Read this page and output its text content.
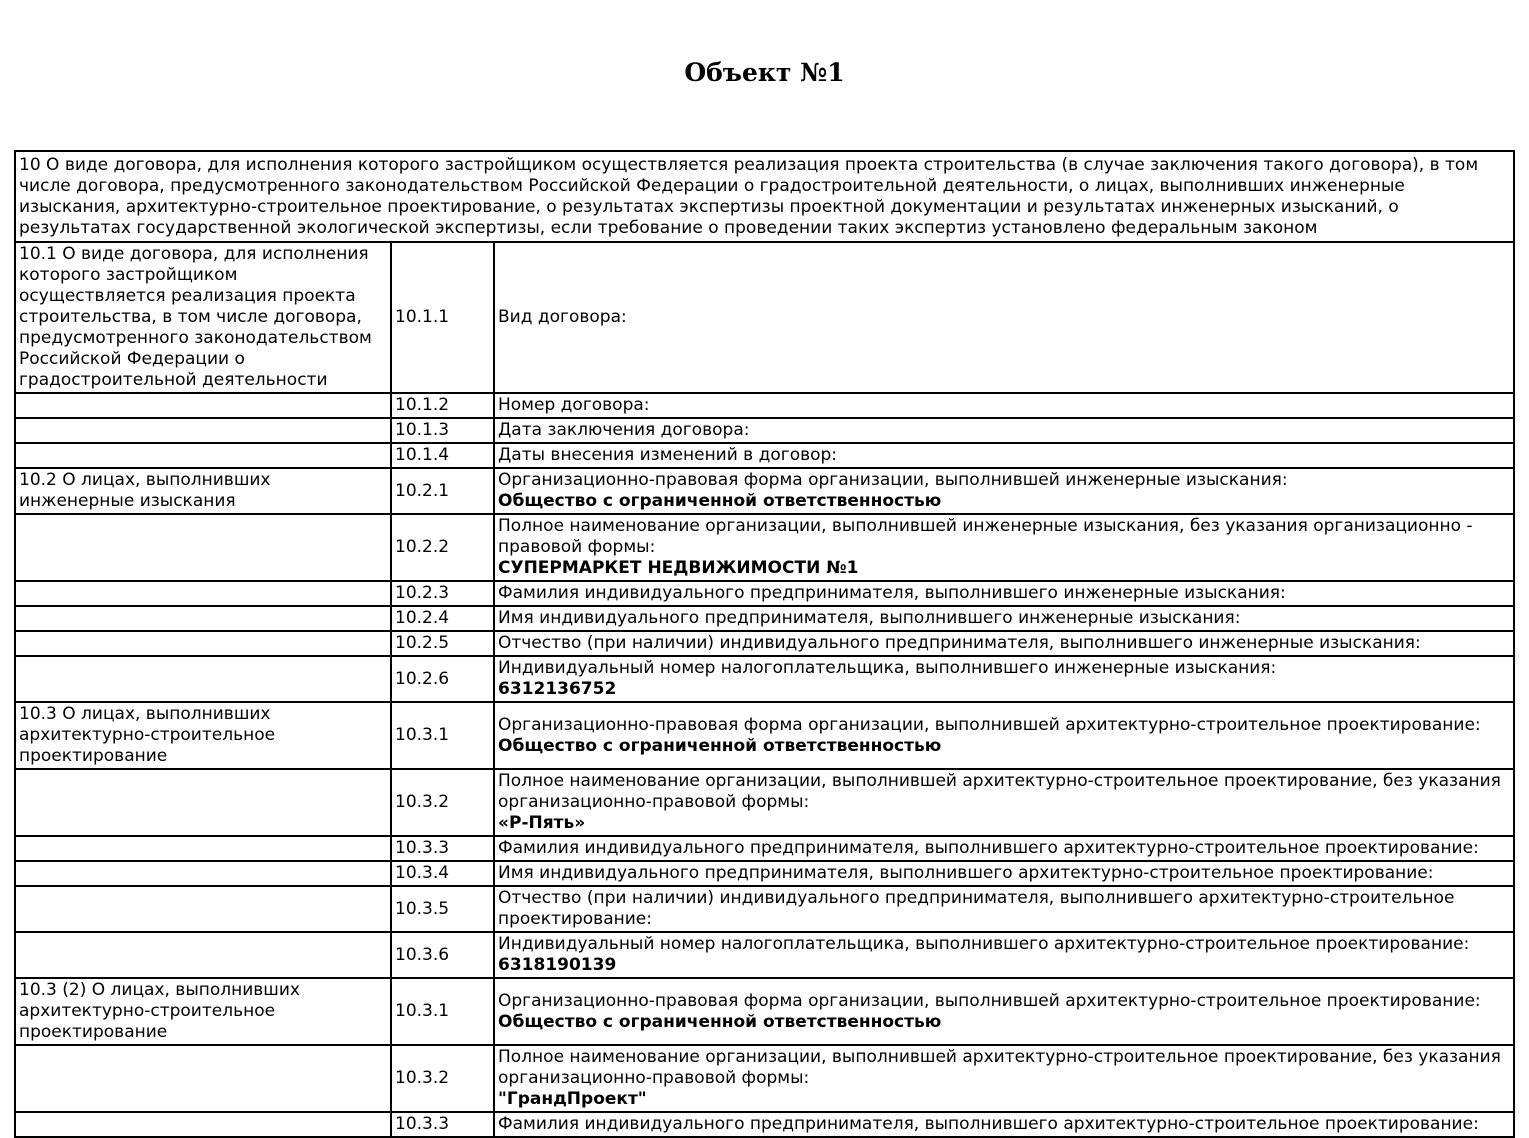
Объект №1
10 О виде договора, для исполнения которого застройщиком осуществляется реализация проекта строительства (в случае заключения такого договора), в том числе договора, предусмотренного законодательством Российской Федерации о градостроительной деятельности, о лицах, выполнивших инженерные изыскания, архитектурно-строительное проектирование, о результатах экспертизы проектной документации и результатах инженерных изысканий, о результатах государственной экологической экспертизы, если требование о проведении таких экспертиз установлено федеральным законом		
10.1 О виде договора, для исполнения которого застройщиком осуществляется реализация проекта строительства, в том числе договора, предусмотренного законодательством Российской Федерации о градостроительной деятельности	10.1.1	Вид договора:

	10.1.2	Номер договора:

	10.1.3	Дата заключения договора:

	10.1.4	Даты внесения изменений в договор:

10.2 О лицах, выполнивших инженерные изыскания	10.2.1	Организационно-правовая форма организации, выполнившей инженерные изыскания:
Общество с ограниченной ответственностью

	10.2.2	Полное наименование организации, выполнившей инженерные изыскания, без указания организационно - правовой формы:
СУПЕРМАРКЕТ НЕДВИЖИМОСТИ №1

	10.2.3	Фамилия индивидуального предпринимателя, выполнившего инженерные изыскания:

	10.2.4	Имя индивидуального предпринимателя, выполнившего инженерные изыскания:

	10.2.5	Отчество (при наличии) индивидуального предпринимателя, выполнившего инженерные изыскания:

	10.2.6	Индивидуальный номер налогоплательщика, выполнившего инженерные изыскания:
6312136752

10.3 О лицах, выполнивших архитектурно-строительное проектирование	10.3.1	Организационно-правовая форма организации, выполнившей архитектурно-строительное проектирование:
Общество с ограниченной ответственностью

	10.3.2	Полное наименование организации, выполнившей архитектурно-строительное проектирование, без указания организационно-правовой формы:
«Р-Пять»

	10.3.3	Фамилия индивидуального предпринимателя, выполнившего архитектурно-строительное проектирование:

	10.3.4	Имя индивидуального предпринимателя, выполнившего архитектурно-строительное проектирование:

	10.3.5	Отчество (при наличии) индивидуального предпринимателя, выполнившего архитектурно-строительное проектирование:

	10.3.6	Индивидуальный номер налогоплательщика, выполнившего архитектурно-строительное проектирование:
6318190139

10.3 (2) О лицах, выполнивших архитектурно-строительное проектирование	10.3.1	Организационно-правовая форма организации, выполнившей архитектурно-строительное проектирование:
Общество с ограниченной ответственностью

	10.3.2	Полное наименование организации, выполнившей архитектурно-строительное проектирование, без указания организационно-правовой формы:
"ГрандПроект"

	10.3.3	Фамилия индивидуального предпринимателя, выполнившего архитектурно-строительное проектирование:
